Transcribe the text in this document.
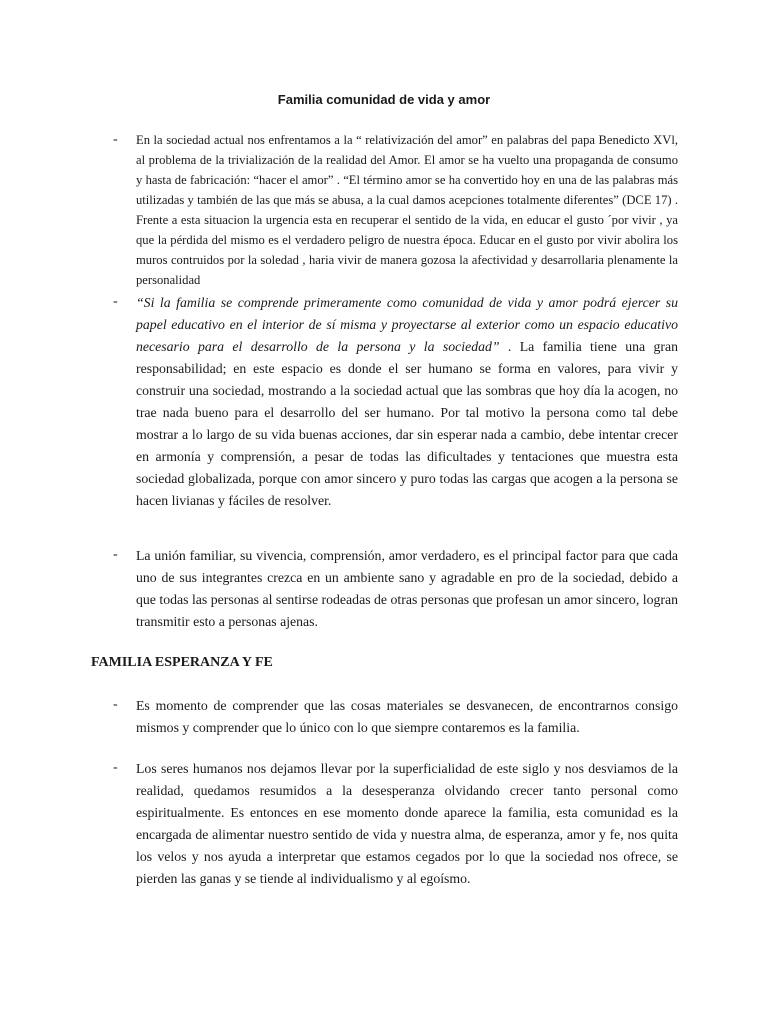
Familia comunidad de vida y amor
- En la sociedad actual nos enfrentamos a la “ relativización del amor” en palabras del papa Benedicto XVl, al problema de la trivialización de la realidad del Amor. El amor se ha vuelto una propaganda de consumo y hasta de fabricación: “hacer el amor” . “El término amor se ha convertido hoy en una de las palabras más utilizadas y también de las que más se abusa, a la cual damos acepciones totalmente diferentes” (DCE 17) . Frente a esta situacion la urgencia esta en recuperar el sentido de la vida, en educar el gusto ´por vivir , ya que la pérdida del mismo es el verdadero peligro de nuestra época. Educar en el gusto por vivir abolira los muros contruidos por la soledad , haria vivir de manera gozosa la afectividad y desarrollaria plenamente la personalidad

- “Si la familia se comprende primeramente como comunidad de vida y amor podrá ejercer su papel educativo en el interior de sí misma y proyectarse al exterior como un espacio educativo necesario para el desarrollo de la persona y la sociedad” . La familia tiene una gran responsabilidad; en este espacio es donde el ser humano se forma en valores, para vivir y construir una sociedad, mostrando a la sociedad actual que las sombras que hoy día la acogen, no trae nada bueno para el desarrollo del ser humano. Por tal motivo la persona como tal debe mostrar a lo largo de su vida buenas acciones, dar sin esperar nada a cambio, debe intentar crecer en armonía y comprensión, a pesar de todas las dificultades y tentaciones que muestra esta sociedad globalizada, porque con amor sincero y puro todas las cargas que acogen a la persona se hacen livianas y fáciles de resolver.

- La unión familiar, su vivencia, comprensión, amor verdadero, es el principal factor para que cada uno de sus integrantes crezca en un ambiente sano y agradable en pro de la sociedad, debido a que todas las personas al sentirse rodeadas de otras personas que profesan un amor sincero, logran transmitir esto a personas ajenas.

FAMILIA ESPERANZA Y FE
- Es momento de comprender que las cosas materiales se desvanecen, de encontrarnos consigo mismos y comprender que lo único con lo que siempre contaremos es la familia.

- Los seres humanos nos dejamos llevar por la superficialidad de este siglo y nos desviamos de la realidad, quedamos resumidos a la desesperanza olvidando crecer tanto personal como espiritualmente. Es entonces en ese momento donde aparece la familia, esta comunidad es la encargada de alimentar nuestro sentido de vida y nuestra alma, de esperanza, amor y fe, nos quita los velos y nos ayuda a interpretar que estamos cegados por lo que la sociedad nos ofrece, se pierden las ganas y se tiende al individualismo y al egoísmo.
